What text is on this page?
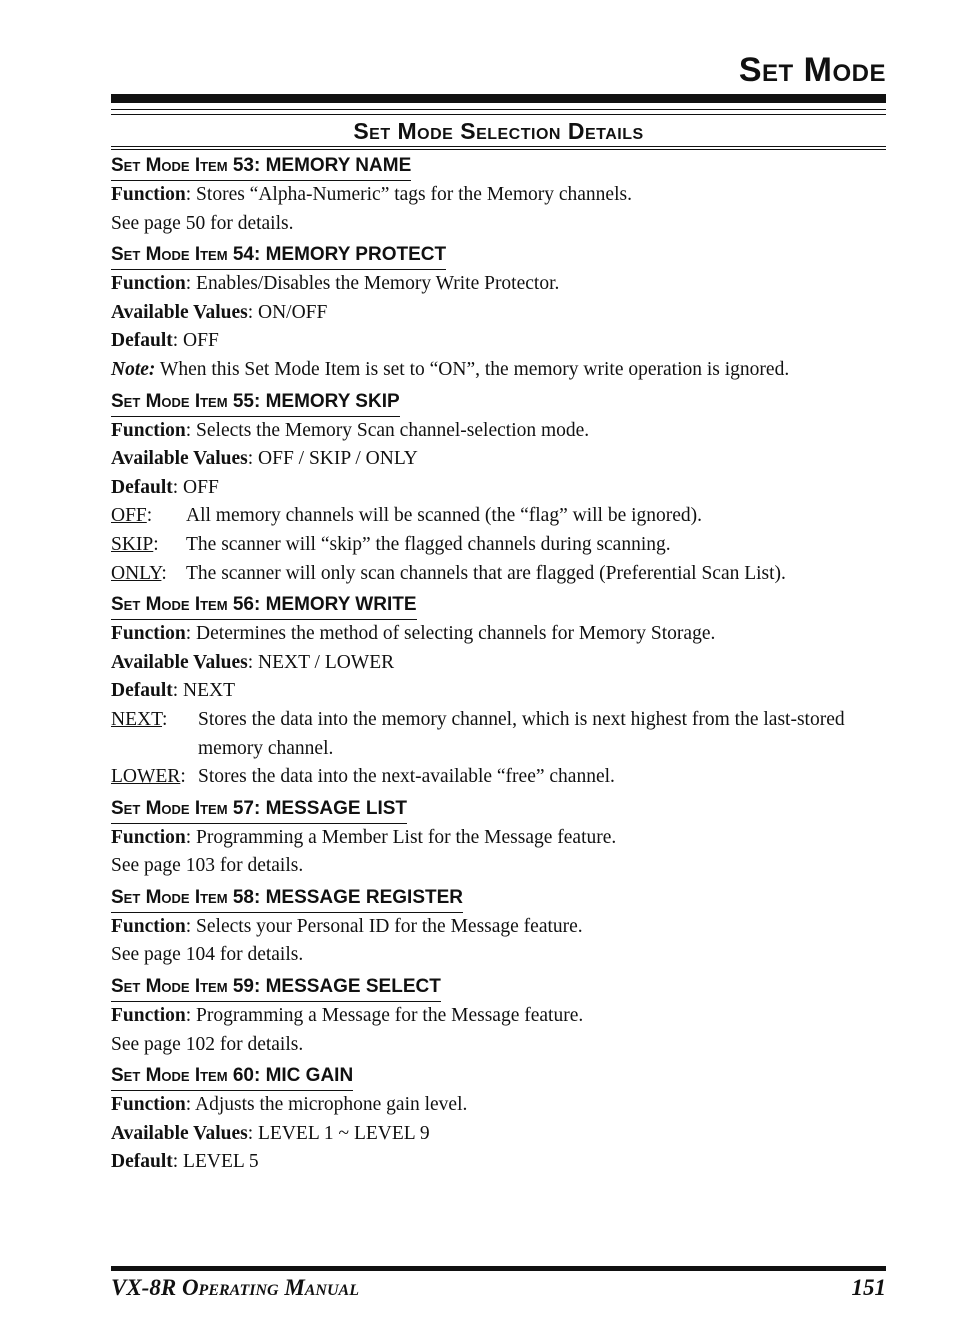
Set Mode
Set Mode Selection Details
Set Mode Item 53: MEMORY NAME
Function: Stores “Alpha-Numeric” tags for the Memory channels.
See page 50 for details.
Set Mode Item 54: MEMORY PROTECT
Function: Enables/Disables the Memory Write Protector.
Available Values: ON/OFF
Default: OFF
Note: When this Set Mode Item is set to “ON”, the memory write operation is ignored.
Set Mode Item 55: MEMORY SKIP
Function: Selects the Memory Scan channel-selection mode.
Available Values: OFF / SKIP / ONLY
Default: OFF
OFF:	All memory channels will be scanned (the “flag” will be ignored).
SKIP:	The scanner will “skip” the flagged channels during scanning.
ONLY: The scanner will only scan channels that are flagged (Preferential Scan List).
Set Mode Item 56: MEMORY WRITE
Function: Determines the method of selecting channels for Memory Storage.
Available Values: NEXT / LOWER
Default: NEXT
NEXT:	Stores the data into the memory channel, which is next highest from the last-stored memory channel.
LOWER: Stores the data into the next-available “free” channel.
Set Mode Item 57: MESSAGE LIST
Function: Programming a Member List for the Message feature.
See page 103 for details.
Set Mode Item 58: MESSAGE REGISTER
Function: Selects your Personal ID for the Message feature.
See page 104 for details.
Set Mode Item 59: MESSAGE SELECT
Function: Programming a Message for the Message feature.
See page 102 for details.
Set Mode Item 60: MIC GAIN
Function: Adjusts the microphone gain level.
Available Values: LEVEL 1 ~ LEVEL 9
Default: LEVEL 5
VX-8R Operating Manual	151
